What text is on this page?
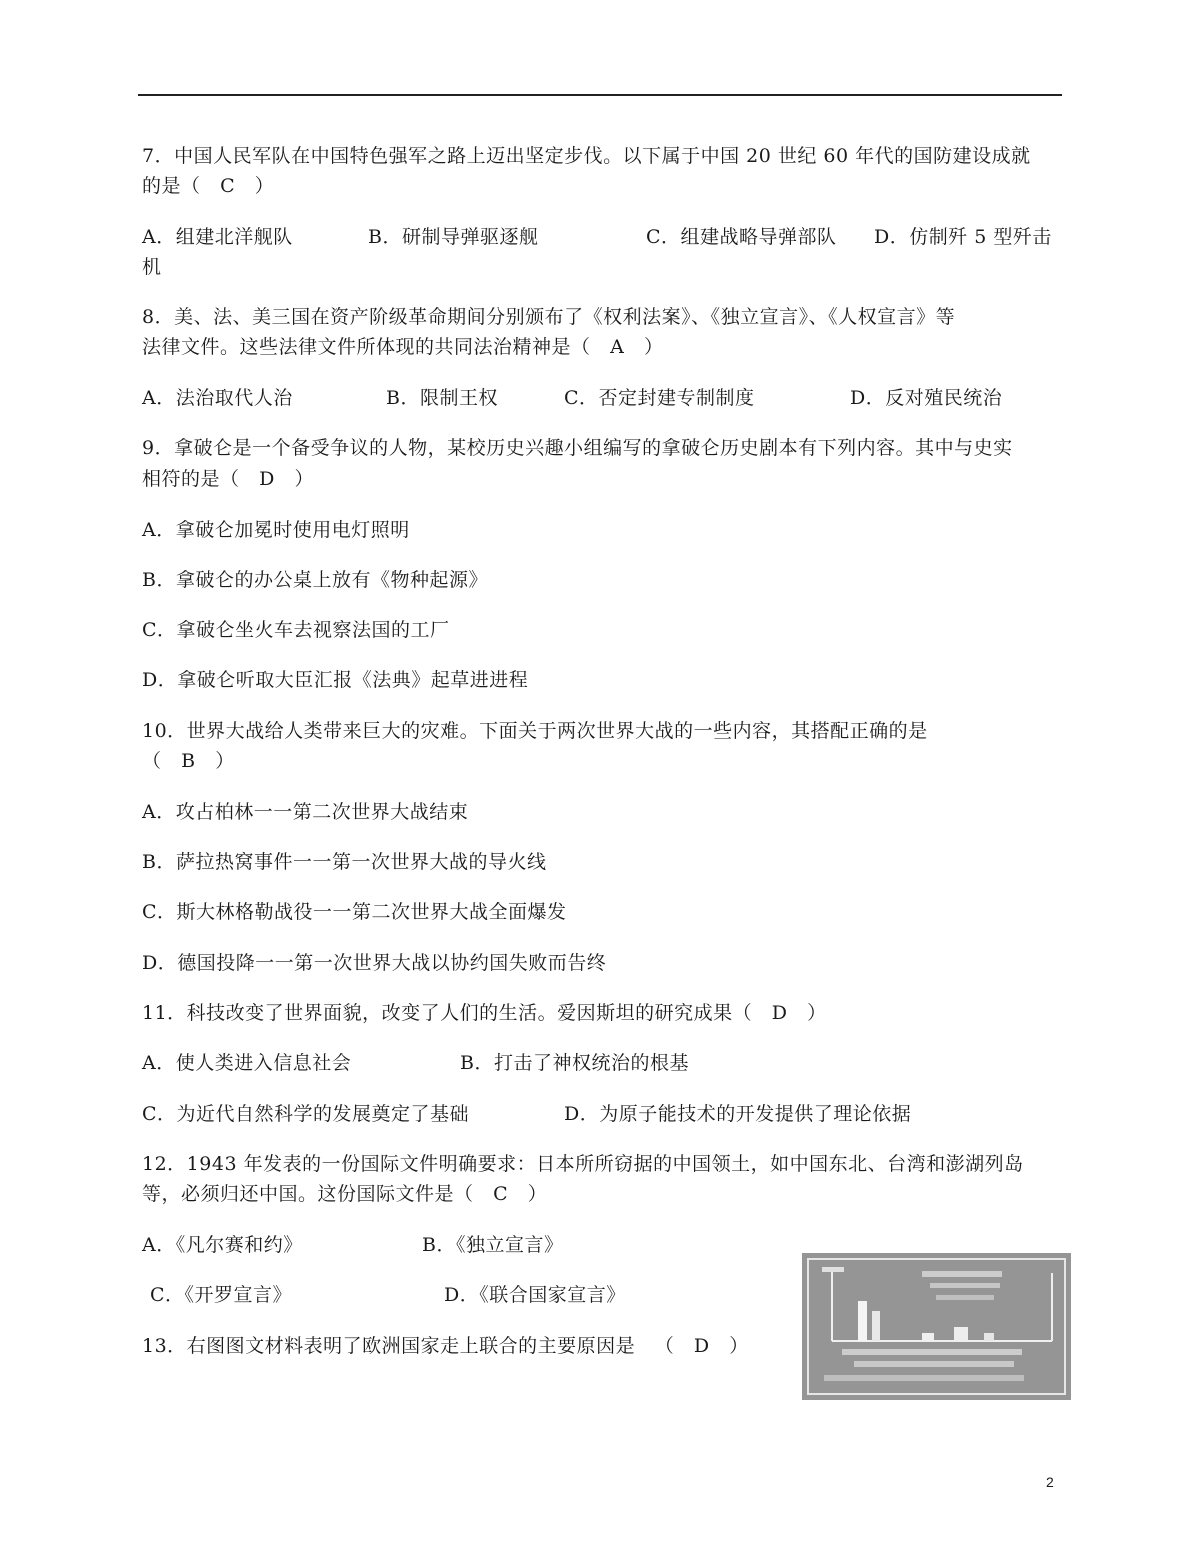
7．中国人民军队在中国特色强军之路上迈出坚定步伐。以下属于中国 20 世纪 60 年代的国防建设成就
的是（   C   ）
A．组建北洋舰队	B．研制导弹驱逐舰	C．组建战略导弹部队 D．仿制歼 5 型歼击
机
8．美、法、美三国在资产阶级革命期间分别颁布了《权利法案》、《独立宣言》、《人权宣言》等
法律文件。这些法律文件所体现的共同法治精神是（   A   ）
A．法治取代人治	B．限制王权	C．否定封建专制制度	D．反对殖民统治
9．拿破仑是一个备受争议的人物，某校历史兴趣小组编写的拿破仑历史剧本有下列内容。其中与史实
相符的是（   D   ）
A．拿破仑加冕时使用电灯照明
B．拿破仑的办公桌上放有《物种起源》
C．拿破仑坐火车去视察法国的工厂
D．拿破仑听取大臣汇报《法典》起草进进程
10．世界大战给人类带来巨大的灾难。下面关于两次世界大战的一些内容，其搭配正确的是
（   B   ）
A．攻占柏林一一第二次世界大战结束
B．萨拉热窝事件一一第一次世界大战的导火线
C．斯大林格勒战役一一第二次世界大战全面爆发
D．德国投降一一第一次世界大战以协约国失败而告终
11．科技改变了世界面貌，改变了人们的生活。爱因斯坦的研究成果（   D   ）
A．使人类进入信息社会	B．打击了神权统治的根基
C．为近代自然科学的发展奠定了基础	D．为原子能技术的开发提供了理论依据
12．1943 年发表的一份国际文件明确要求：日本所所窃据的中国领土，如中国东北、台湾和澎湖列岛
等，必须归还中国。这份国际文件是（   C   ）
A．《凡尔赛和约》	B．《独立宣言》
C．《开罗宣言》	D．《联合国家宣言》
13．右图图文材料表明了欧洲国家走上联合的主要原因是   （   D   ）
2
